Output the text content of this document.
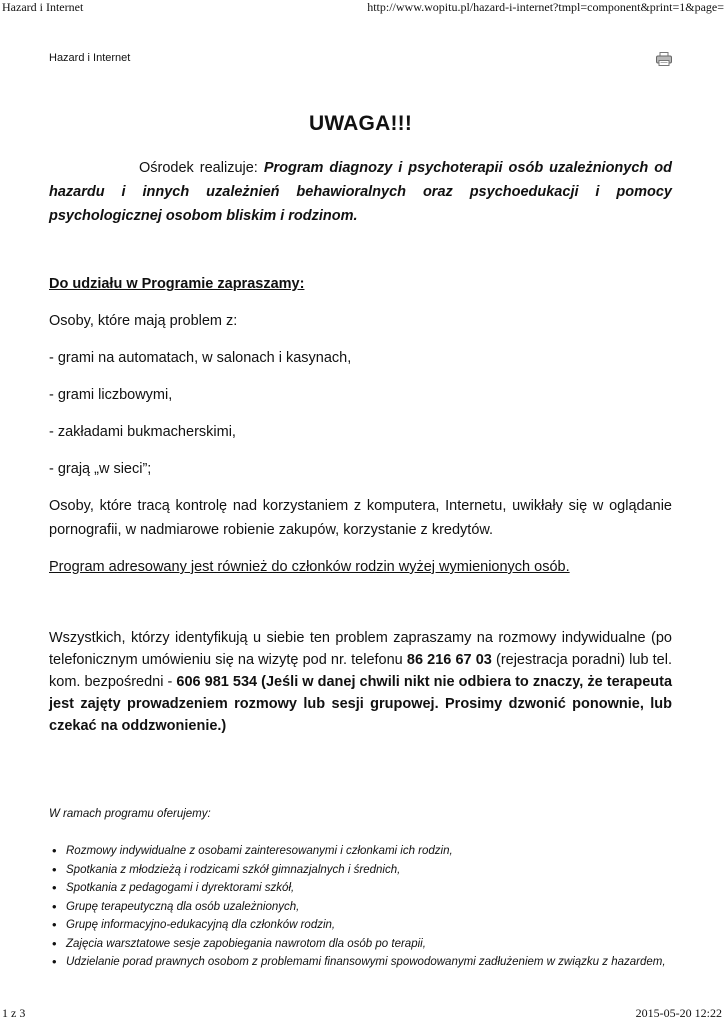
Hazard i Internet	http://www.wopitu.pl/hazard-i-internet?tmpl=component&print=1&page=
Hazard i Internet
UWAGA!!!

Ośrodek realizuje: Program diagnozy i psychoterapii osób uzależnionych od hazardu i innych uzależnień behawioralnych oraz psychoedukacji i pomocy psychologicznej osobom bliskim i rodzinom.

Do udziału w Programie zapraszamy:

Osoby, które mają problem z:

- grami na automatach, w salonach i kasynach,

- grami liczbowymi,

- zakładami bukmacherskimi,

- grają „w sieci”;

Osoby, które tracą kontrolę nad korzystaniem z komputera, Internetu, uwikłały się w oglądanie pornografii, w nadmiarowe robienie zakupów, korzystanie z kredytów.

Program adresowany jest również do członków rodzin wyżej wymienionych osób.

Wszystkich, którzy identyfikują u siebie ten problem zapraszamy na rozmowy indywidualne (po telefonicznym umówieniu się na wizytę pod nr. telefonu 86 216 67 03 (rejestracja poradni) lub tel. kom. bezpośredni - 606 981 534 (Jeśli w danej chwili nikt nie odbiera to znaczy, że terapeuta jest zajęty prowadzeniem rozmowy lub sesji grupowej. Prosimy dzwonić ponownie, lub czekać na oddzwonienie.)

W ramach programu oferujemy:

• Rozmowy indywidualne z osobami zainteresowanymi i członkami ich rodzin,
• Spotkania z młodzieżą i rodzicami szkół gimnazjalnych i średnich,
• Spotkania z pedagogami i dyrektorami szkół,
• Grupę terapeutyczną dla osób uzależnionych,
• Grupę informacyjno-edukacyjną dla członków rodzin,
• Zajęcia warsztatowe sesje zapobiegania nawrotom dla osób po terapii,
• Udzielanie porad prawnych osobom z problemami finansowymi spowodowanymi zadłużeniem w związku z hazardem,
1 z 3	2015-05-20 12:22
